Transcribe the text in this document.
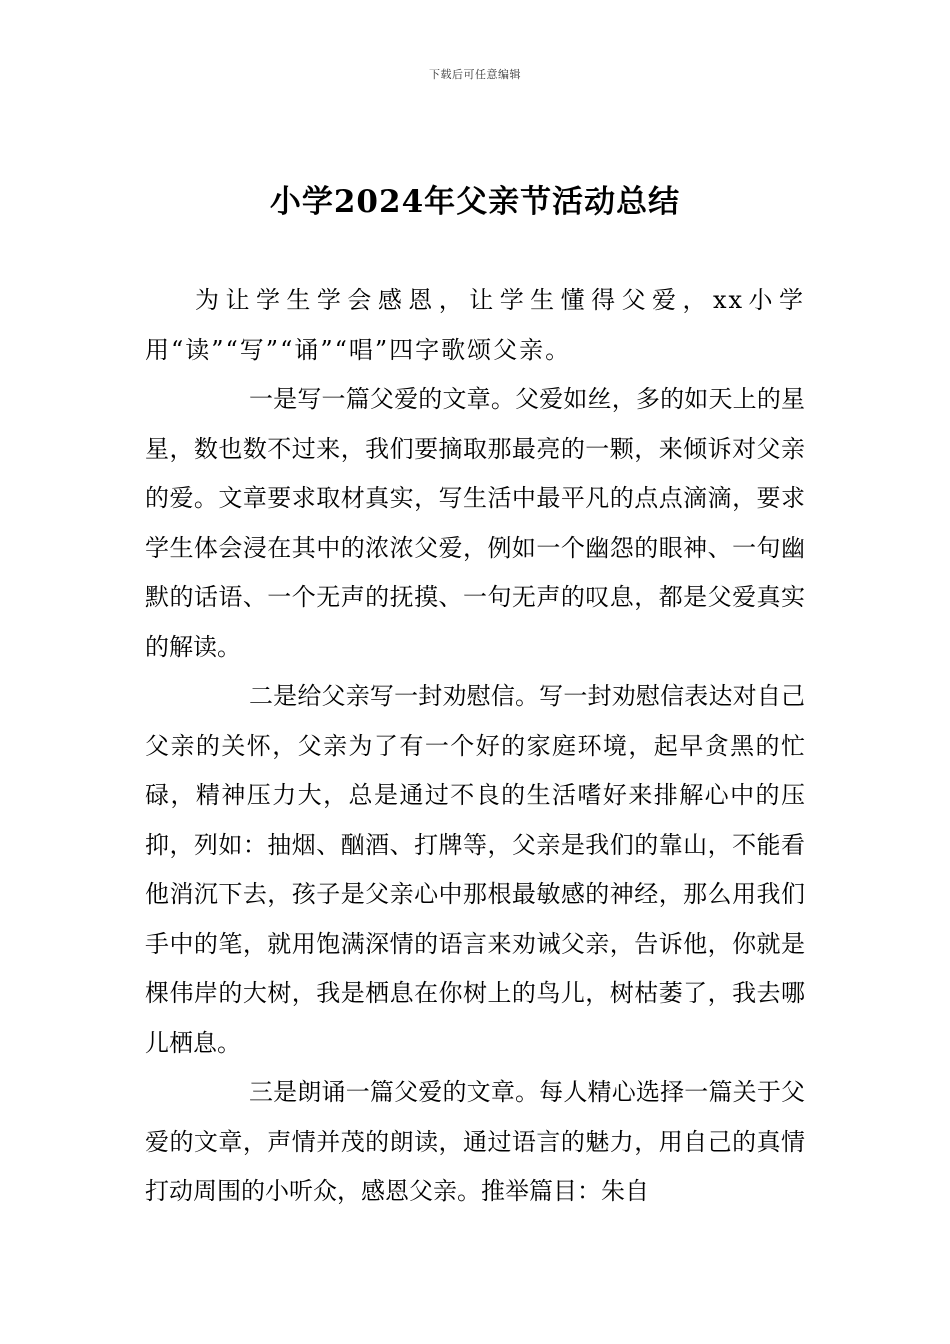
下载后可任意编辑
小学2024年父亲节活动总结

为让学生学会感恩，让学生懂得父爱，xx小学用“读”“写”“诵”“唱”四字歌颂父亲。

一是写一篇父爱的文章。父爱如丝，多的如天上的星星，数也数不过来，我们要摘取那最亮的一颗，来倾诉对父亲的爱。文章要求取材真实，写生活中最平凡的点点滴滴，要求学生体会浸在其中的浓浓父爱，例如一个幽怨的眼神、一句幽默的话语、一个无声的抚摸、一句无声的叹息，都是父爱真实的解读。

二是给父亲写一封劝慰信。写一封劝慰信表达对自己父亲的关怀，父亲为了有一个好的家庭环境，起早贪黑的忙碌，精神压力大，总是通过不良的生活嗜好来排解心中的压抑，列如：抽烟、酗酒、打牌等，父亲是我们的靠山，不能看他消沉下去，孩子是父亲心中那根最敏感的神经，那么用我们手中的笔，就用饱满深情的语言来劝诫父亲，告诉他，你就是棵伟岸的大树，我是栖息在你树上的鸟儿，树枯萎了，我去哪儿栖息。

三是朗诵一篇父爱的文章。每人精心选择一篇关于父爱的文章，声情并茂的朗读，通过语言的魅力，用自己的真情打动周围的小听众，感恩父亲。推举篇目：朱自
